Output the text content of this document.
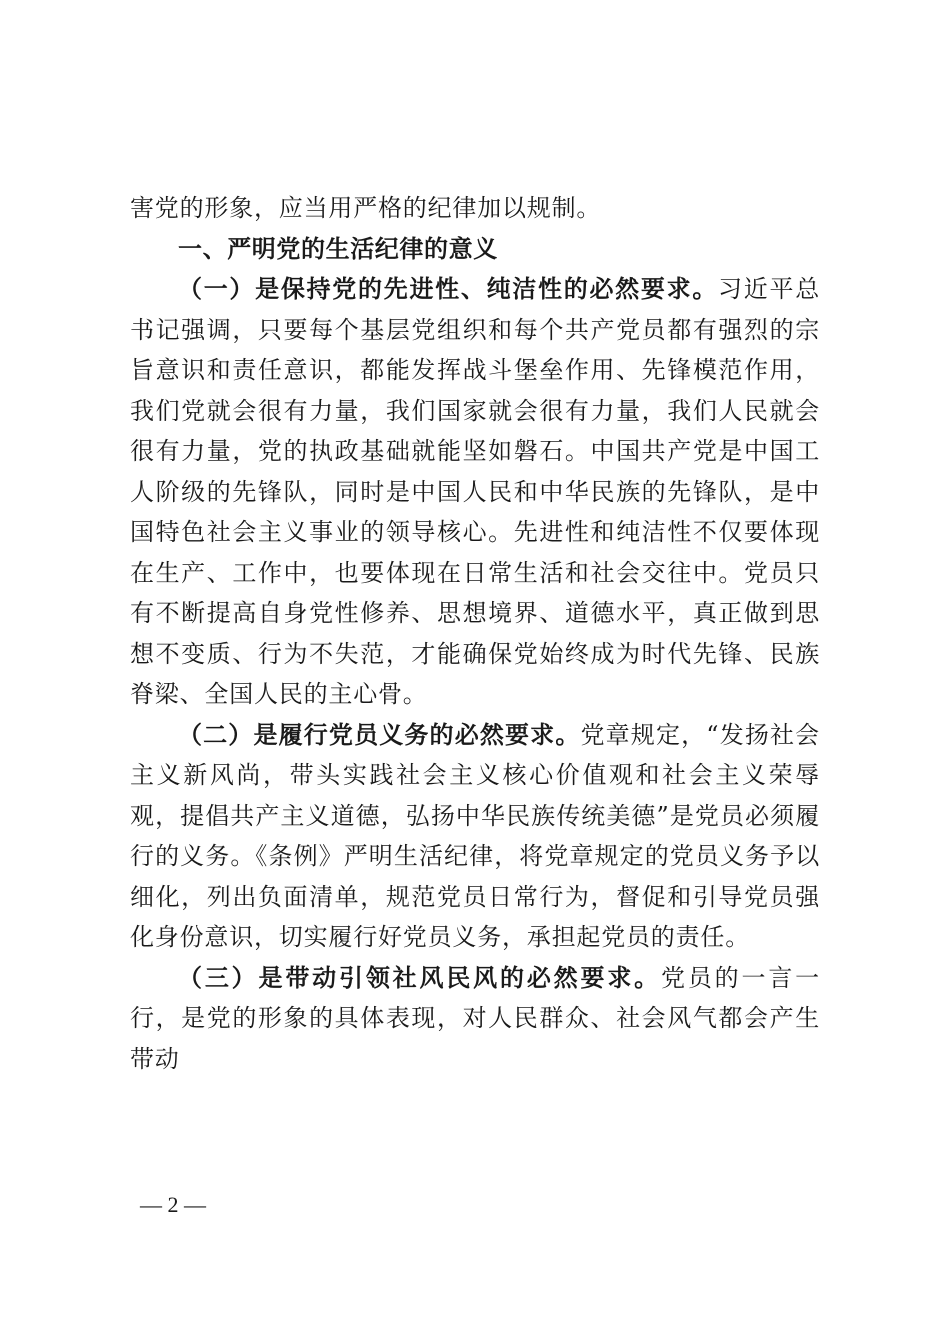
害党的形象，应当用严格的纪律加以规制。

一、严明党的生活纪律的意义

（一）是保持党的先进性、纯洁性的必然要求。习近平总书记强调，只要每个基层党组织和每个共产党员都有强烈的宗旨意识和责任意识，都能发挥战斗堡垒作用、先锋模范作用，我们党就会很有力量，我们国家就会很有力量，我们人民就会很有力量，党的执政基础就能坚如磐石。中国共产党是中国工人阶级的先锋队，同时是中国人民和中华民族的先锋队，是中国特色社会主义事业的领导核心。先进性和纯洁性不仅要体现在生产、工作中，也要体现在日常生活和社会交往中。党员只有不断提高自身党性修养、思想境界、道德水平，真正做到思想不变质、行为不失范，才能确保党始终成为时代先锋、民族脊梁、全国人民的主心骨。

（二）是履行党员义务的必然要求。党章规定，“发扬社会主义新风尚，带头实践社会主义核心价值观和社会主义荣辱观，提倡共产主义道德，弘扬中华民族传统美德”是党员必须履行的义务。《条例》严明生活纪律，将党章规定的党员义务予以细化，列出负面清单，规范党员日常行为，督促和引导党员强化身份意识，切实履行好党员义务，承担起党员的责任。

（三）是带动引领社风民风的必然要求。党员的一言一行，是党的形象的具体表现，对人民群众、社会风气都会产生带动

— 2 —
